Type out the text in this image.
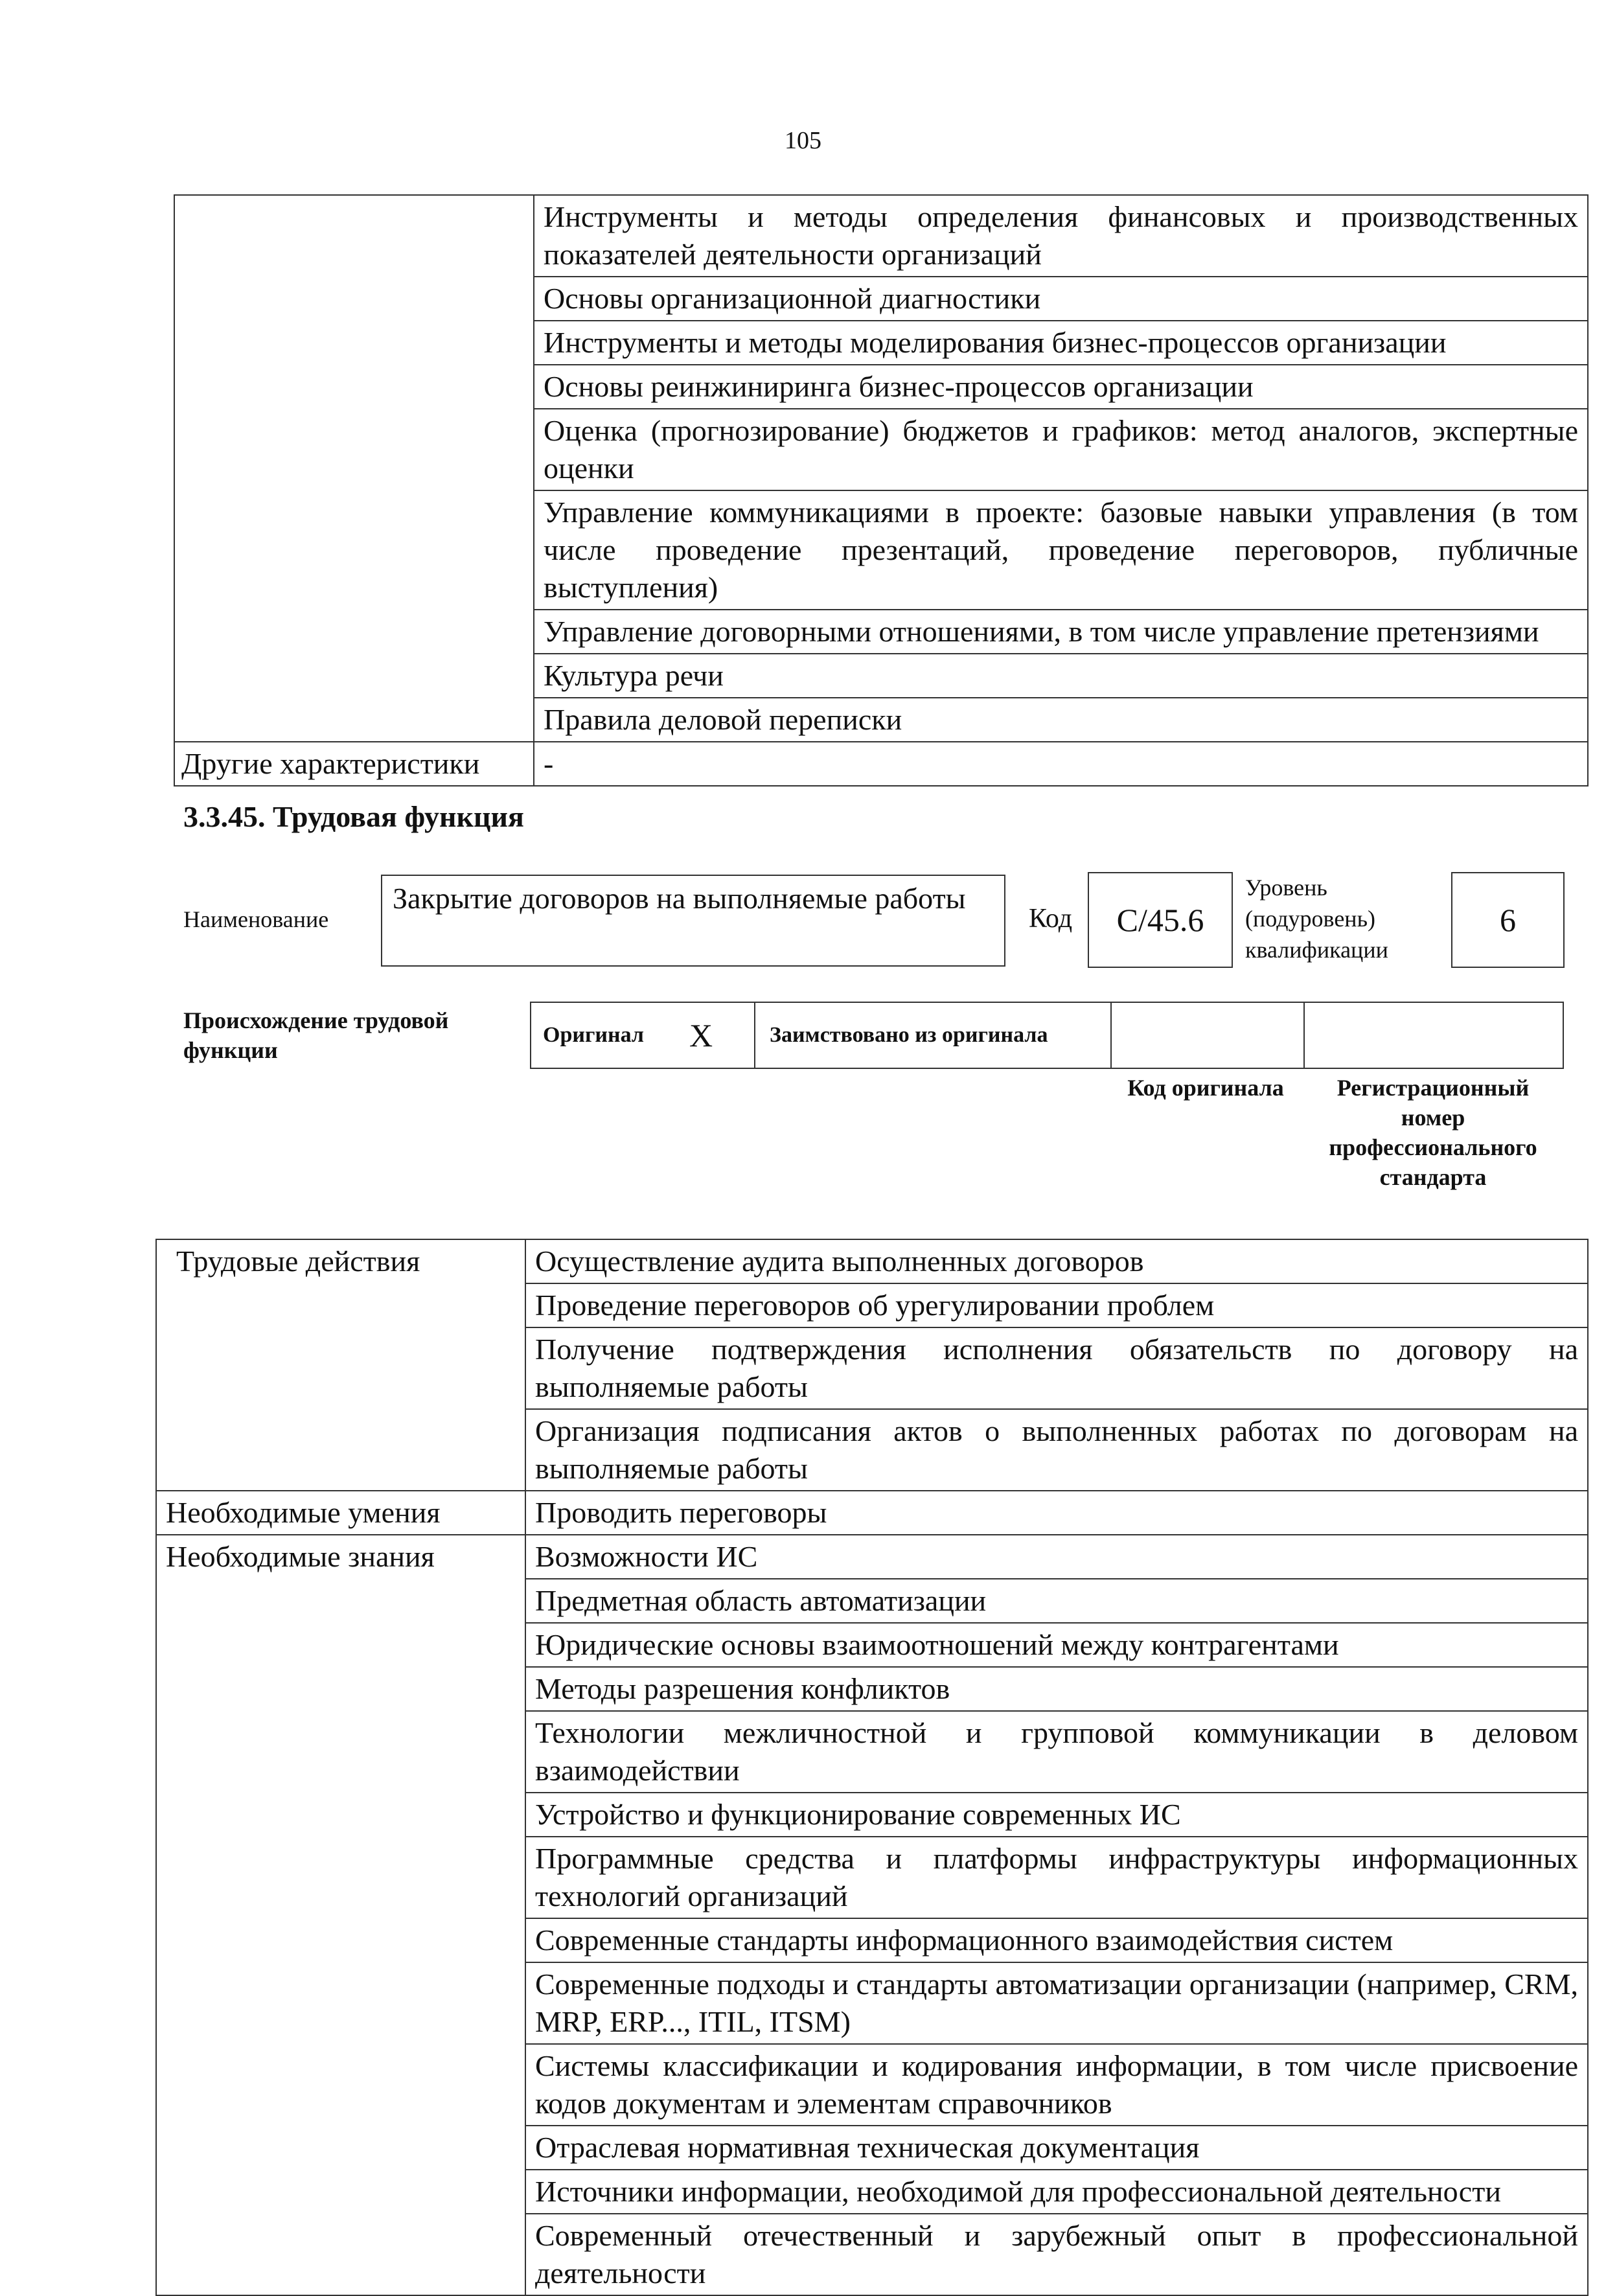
105
	Инструменты и методы определения финансовых и производственных показателей деятельности организаций
	Основы организационной диагностики
	Инструменты и методы моделирования бизнес-процессов организации
	Основы реинжиниринга бизнес-процессов организации
	Оценка (прогнозирование) бюджетов и графиков: метод аналогов, экспертные оценки
	Управление коммуникациями в проекте: базовые навыки управления (в том числе проведение презентаций, проведение переговоров, публичные выступления)
	Управление договорными отношениями, в том числе управление претензиями
	Культура речи
	Правила деловой переписки
Другие характеристики	-
3.3.45. Трудовая функция
Наименование
Закрытие договоров на выполняемые работы
Код C/45.6
Уровень
(подуровень)
квалификации
6
Происхождение трудовой функции
Оригинал X	Заимствовано из оригинала
Код оригинала	Регистрационный номер профессионального стандарта
Трудовые действия	Осуществление аудита выполненных договоров
	Проведение переговоров об урегулировании проблем
	Получение подтверждения исполнения обязательств по договору на выполняемые работы
	Организация подписания актов о выполненных работах по договорам на выполняемые работы
Необходимые умения	Проводить переговоры
Необходимые знания	Возможности ИС
	Предметная область автоматизации
	Юридические основы взаимоотношений между контрагентами
	Методы разрешения конфликтов
	Технологии межличностной и групповой коммуникации в деловом взаимодействии
	Устройство и функционирование современных ИС
	Программные средства и платформы инфраструктуры информационных технологий организаций
	Современные стандарты информационного взаимодействия систем
	Современные подходы и стандарты автоматизации организации (например, CRM, MRP, ERP..., ITIL, ITSM)
	Системы классификации и кодирования информации, в том числе присвоение кодов документам и элементам справочников
	Отраслевая нормативная техническая документация
	Источники информации, необходимой для профессиональной деятельности
	Современный отечественный и зарубежный опыт в профессиональной деятельности
